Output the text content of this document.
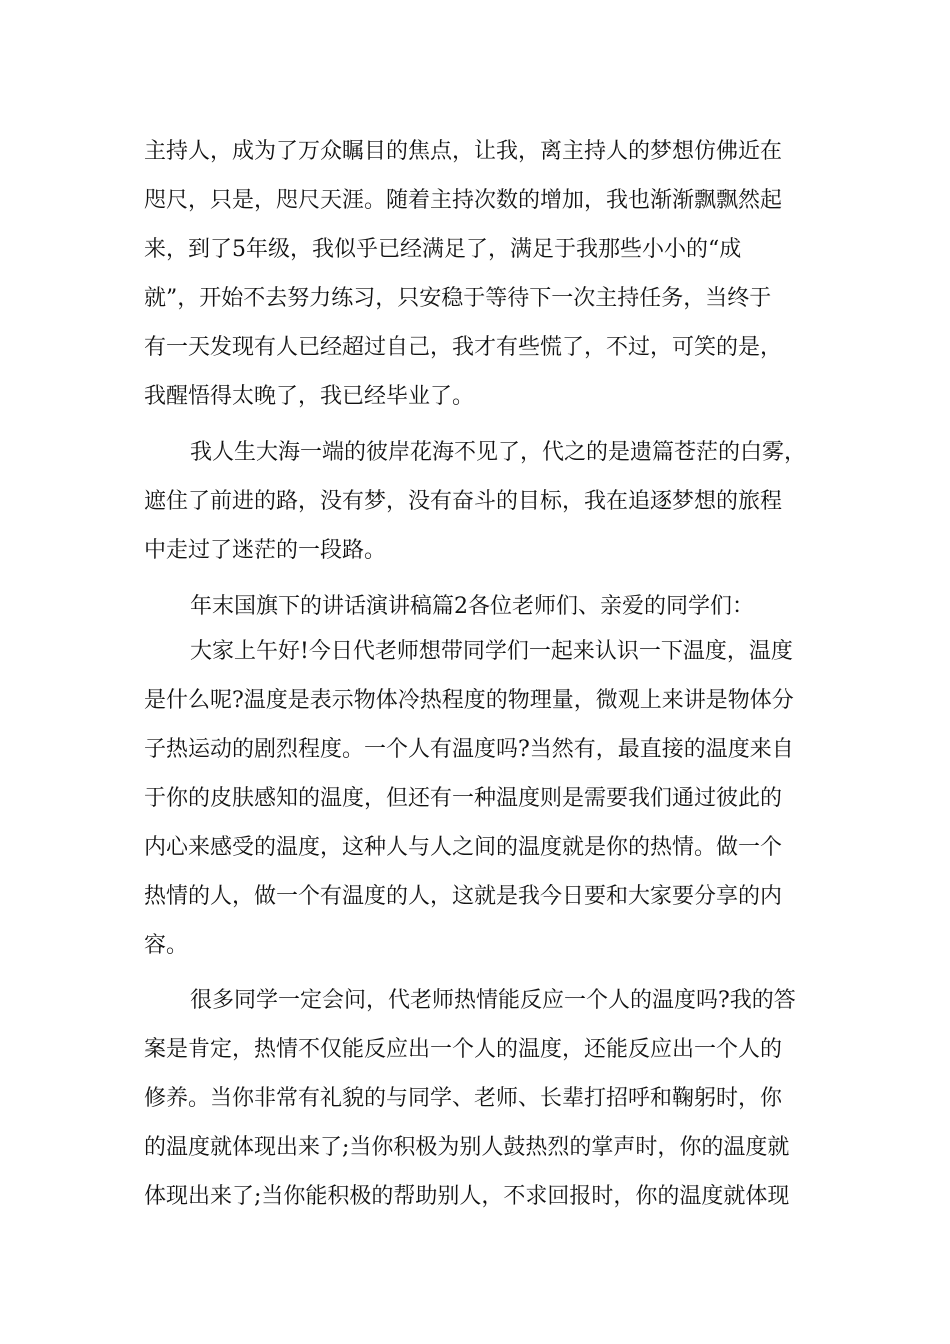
主持人，成为了万众瞩目的焦点，让我，离主持人的梦想仿佛近在
咫尺，只是，咫尺天涯。随着主持次数的增加，我也渐渐飘飘然起
来，到了5年级，我似乎已经满足了，满足于我那些小小的“成
就”，开始不去努力练习，只安稳于等待下一次主持任务，当终于
有一天发现有人已经超过自己，我才有些慌了，不过，可笑的是，
我醒悟得太晚了，我已经毕业了。
我人生大海一端的彼岸花海不见了，代之的是遗篇苍茫的白雾，
遮住了前进的路，没有梦，没有奋斗的目标，我在追逐梦想的旅程
中走过了迷茫的一段路。
年末国旗下的讲话演讲稿篇2各位老师们、亲爱的同学们：
大家上午好!今日代老师想带同学们一起来认识一下温度，温度
是什么呢?温度是表示物体冷热程度的物理量，微观上来讲是物体分
子热运动的剧烈程度。一个人有温度吗?当然有，最直接的温度来自
于你的皮肤感知的温度，但还有一种温度则是需要我们通过彼此的
内心来感受的温度，这种人与人之间的温度就是你的热情。做一个
热情的人，做一个有温度的人，这就是我今日要和大家要分享的内
容。
很多同学一定会问，代老师热情能反应一个人的温度吗?我的答
案是肯定，热情不仅能反应出一个人的温度，还能反应出一个人的
修养。当你非常有礼貌的与同学、老师、长辈打招呼和鞠躬时，你
的温度就体现出来了;当你积极为别人鼓热烈的掌声时，你的温度就
体现出来了;当你能积极的帮助别人，不求回报时，你的温度就体现
